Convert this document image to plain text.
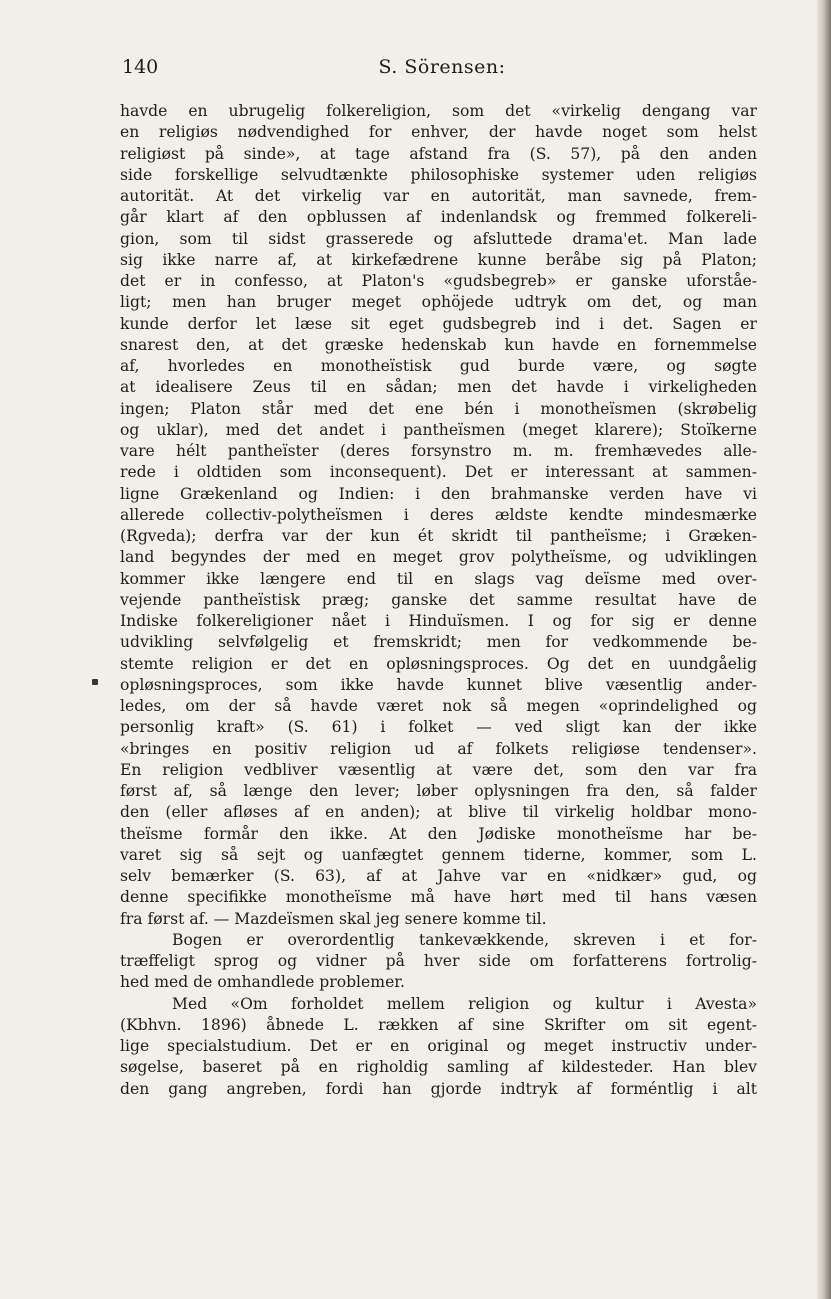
140	S. Sörensen:
havde en ubrugelig folkereligion, som det «virkelig dengang var
en religiøs nødvendighed for enhver, der havde noget som helst
religiøst på sinde», at tage afstand fra (S. 57), på den anden
side forskellige selvudtænkte philosophiske systemer uden religiøs
autorität. At det virkelig var en autorität, man savnede, frem-
går klart af den opblussen af indenlandsk og fremmed folkereli-
gion, som til sidst grasserede og afsluttede drama'et. Man lade
sig ikke narre af, at kirkefædrene kunne beråbe sig på Platon;
det er in confesso, at Platon's «gudsbegreb» er ganske uforståe-
ligt; men han bruger meget ophöjede udtryk om det, og man
kunde derfor let læse sit eget gudsbegreb ind i det. Sagen er
snarest den, at det græske hedenskab kun havde en fornemmelse
af, hvorledes en monotheïstisk gud burde være, og søgte
at idealisere Zeus til en sådan; men det havde i virkeligheden
ingen; Platon står med det ene bén i monotheïsmen (skrøbelig
og uklar), med det andet i pantheïsmen (meget klarere); Stoïkerne
vare hélt pantheïster (deres forsynstro m. m. fremhævedes alle-
rede i oldtiden som inconsequent). Det er interessant at sammen-
ligne Grækenland og Indien: i den brahmanske verden have vi
allerede collectiv-polytheïsmen i deres ældste kendte mindesmærke
(Rgveda); derfra var der kun ét skridt til pantheïsme; i Græken-
land begyndes der med en meget grov polytheïsme, og udviklingen
kommer ikke længere end til en slags vag deïsme med over-
vejende pantheïstisk præg; ganske det samme resultat have de
Indiske folkereligioner nået i Hinduïsmen. I og for sig er denne
udvikling selvfølgelig et fremskridt; men for vedkommende be-
stemte religion er det en opløsningsproces. Og det en uundgåelig
opløsningsproces, som ikke havde kunnet blive væsentlig ander-
ledes, om der så havde været nok så megen «oprindelighed og
personlig kraft» (S. 61) i folket — ved sligt kan der ikke
«bringes en positiv religion ud af folkets religiøse tendenser».
En religion vedbliver væsentlig at være det, som den var fra
først af, så længe den lever; løber oplysningen fra den, så falder
den (eller afløses af en anden); at blive til virkelig holdbar mono-
theïsme formår den ikke. At den Jødiske monotheïsme har be-
varet sig så sejt og uanfægtet gennem tiderne, kommer, som L.
selv bemærker (S. 63), af at Jahve var en «nidkær» gud, og
denne specifikke monotheïsme må have hørt med til hans væsen
fra først af. — Mazdeïsmen skal jeg senere komme til.
Bogen er overordentlig tankevækkende, skreven i et for-
træffeligt sprog og vidner på hver side om forfatterens fortrolig-
hed med de omhandlede problemer.
Med «Om forholdet mellem religion og kultur i Avesta»
(Kbhvn. 1896) åbnede L. rækken af sine Skrifter om sit egent-
lige specialstudium. Det er en original og meget instructiv under-
søgelse, baseret på en righoldig samling af kildesteder. Han blev
den gang angreben, fordi han gjorde indtryk af forméntlig i alt
